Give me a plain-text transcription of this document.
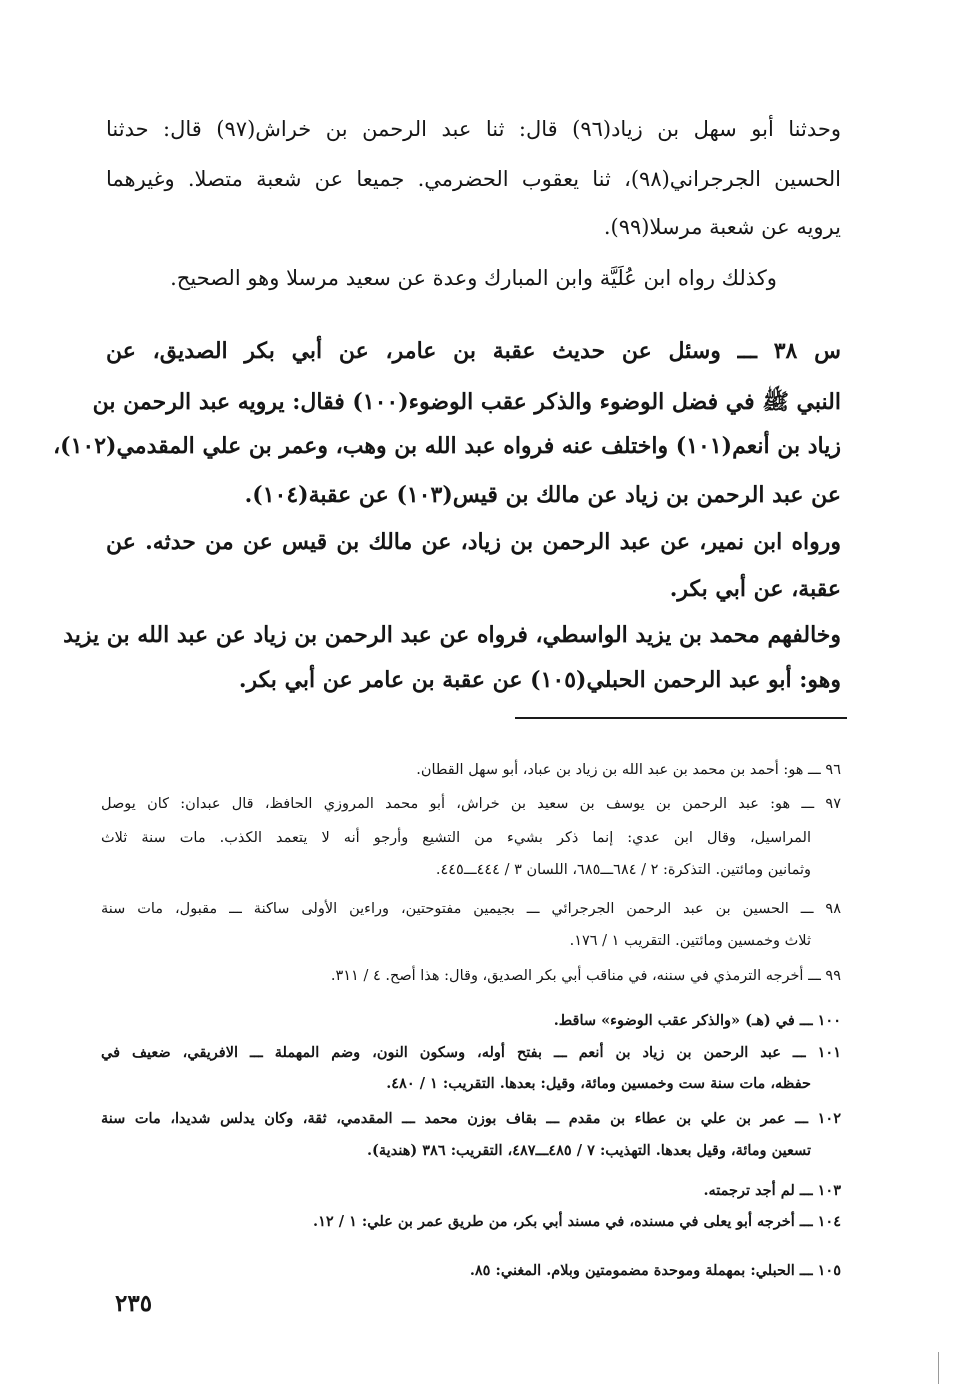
وحدثنا أبو سهل بن زياد(٩٦) قال: ثنا عبد الرحمن بن خراش(٩٧) قال: حدثنا
الحسين الجرجراني(٩٨)، ثنا يعقوب الحضرمي. جميعا عن شعبة متصلا. وغيرهما
يرويه عن شعبة مرسلا(٩٩).
وكذلك رواه ابن عُلَيَّة وابن المبارك وعدة عن سعيد مرسلا وهو الصحيح.
س ٣٨ ـــ وسئل عن حديث عقبة بن عامر، عن أبي بكر الصديق، عن
النبي ﷺ في فضل الوضوء والذكر عقب الوضوء(١٠٠) فقال: يرويه عبد الرحمن بن
زياد بن أنعم(١٠١) واختلف عنه فرواه عبد الله بن وهب، وعمر بن علي المقدمي(١٠٢)،
عن عبد الرحمن بن زياد عن مالك بن قيس(١٠٣) عن عقبة(١٠٤).
ورواه ابن نمير، عن عبد الرحمن بن زياد، عن مالك بن قيس عن من حدثه. عن
عقبة، عن أبي بكر.
وخالفهم محمد بن يزيد الواسطي، فرواه عن عبد الرحمن بن زياد عن عبد الله بن يزيد
وهو: أبو عبد الرحمن الحبلي(١٠٥) عن عقبة بن عامر عن أبي بكر.
٩٦ ـــ هو: أحمد بن محمد بن عبد الله بن زياد بن عباد، أبو سهل القطان.
٩٧ ـــ هو: عبد الرحمن بن يوسف بن سعيد بن خراش، أبو محمد المروزي الحافظ، قال عبدان: كان يوصل
المراسيل، وقال ابن عدي: إنما ذكر بشيء من التشيع وأرجو أنه لا يتعمد الكذب. مات سنة ثلاث
وثمانين ومائتين. التذكرة: ٢ / ٦٨٤ـــ٦٨٥، اللسان ٣ / ٤٤٤ـــ٤٤٥.
٩٨ ـــ الحسين بن عبد الرحمن الجرجرائي ـــ بجيمين مفتوحتين، وراءين الأولى ساكنة ـــ مقبول، مات سنة
ثلاث وخمسين ومائتين. التقريب ١ / ١٧٦.
٩٩ ـــ أخرجه الترمذي في سننه، في مناقب أبي بكر الصديق، وقال: هذا أصح. ٤ / ٣١١.
١٠٠ ـــ في (هـ) «والذكر عقب الوضوء» ساقط.
١٠١ ـــ عبد الرحمن بن زياد بن أنعم ـــ بفتح أوله، وسكون النون، وضم المهملة ـــ الافريقي، ضعيف في
حفظه، مات سنة ست وخمسين ومائة، وقيل: بعدها. التقريب: ١ / ٤٨٠.
١٠٢ ـــ عمر بن علي بن عطاء بن مقدم ـــ بقاف بوزن محمد ـــ المقدمي، ثقة، وكان يدلس شديدا، مات سنة
تسعين ومائة، وقيل بعدها. التهذيب: ٧ / ٤٨٥ـــ٤٨٧، التقريب: ٣٨٦ (هندية).
١٠٣ ـــ لم أجد ترجمته.
١٠٤ ـــ أخرجه أبو يعلى في مسنده، في مسند أبي بكر، من طريق عمر بن علي: ١ / ١٢.
١٠٥ ـــ الحبلي: بمهملة وموحدة مضمومتين وبلام. المغني: ٨٥.
٢٣٥
